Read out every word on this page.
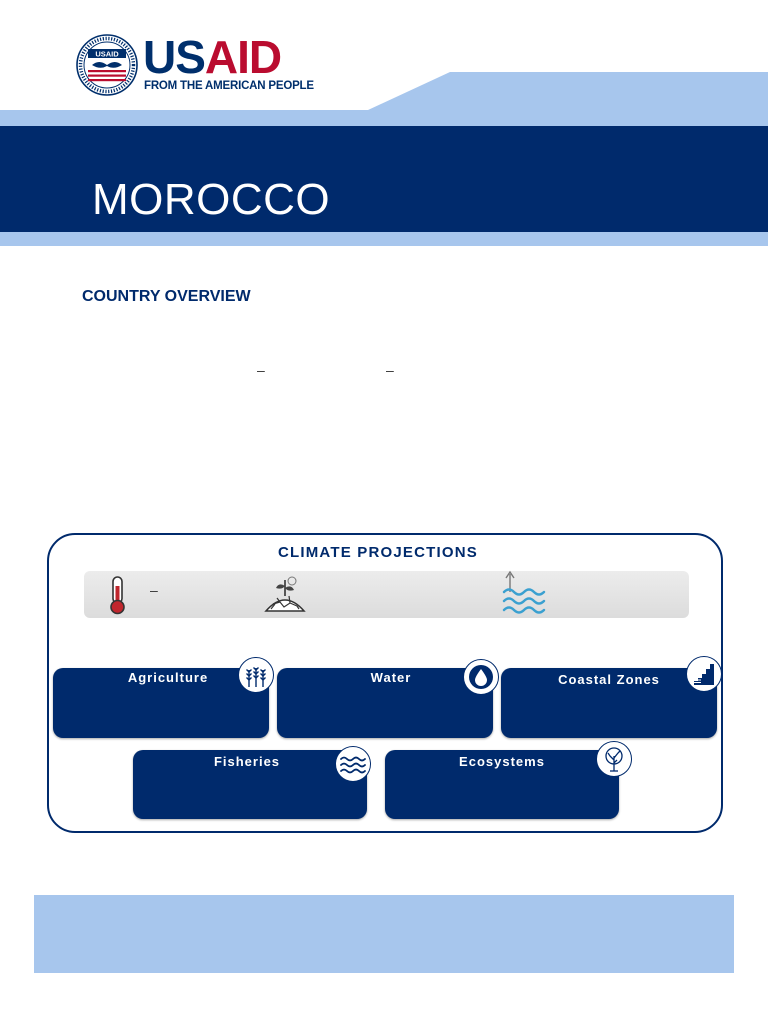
USAID USAID
FROM THE AMERICAN PEOPLE
MOROCCO
COUNTRY OVERVIEW
–	–
CLIMATE PROJECTIONS
–
Agriculture	Water	Coastal Zones
Fisheries	Ecosystems
